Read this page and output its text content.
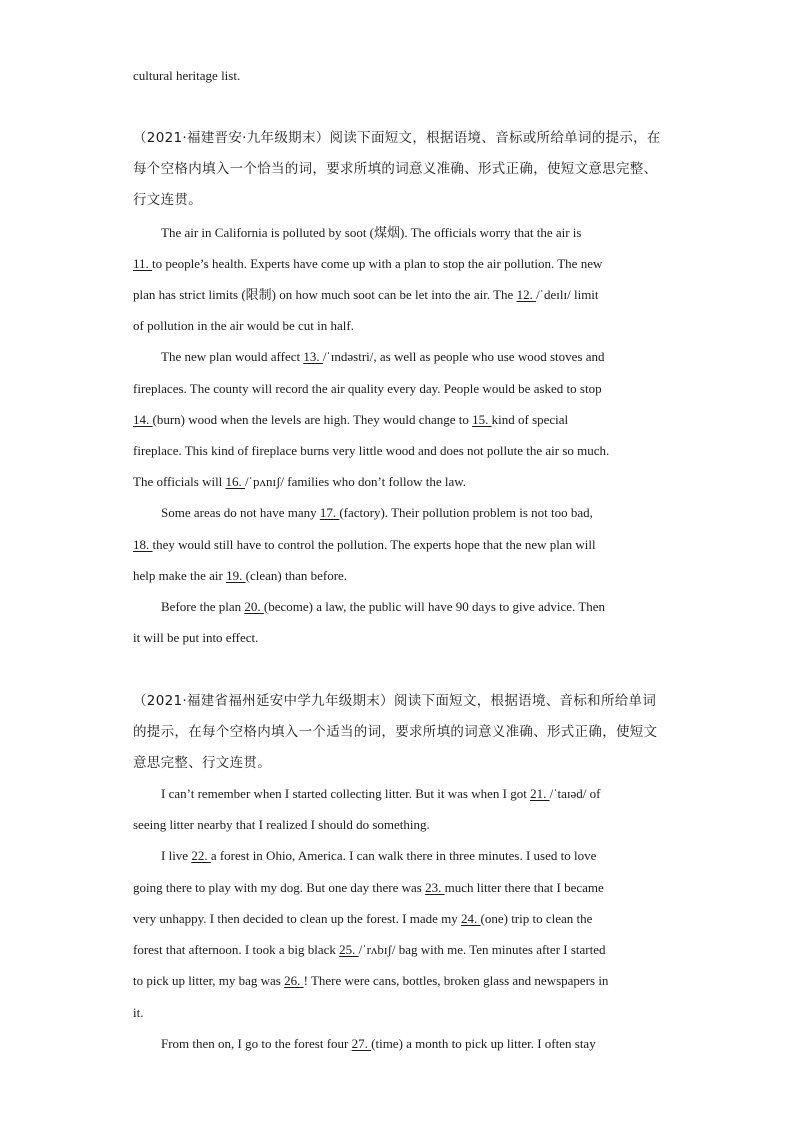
cultural heritage list.
（2021·福建晋安·九年级期末）阅读下面短文，根据语境、音标或所给单词的提示，在
每个空格内填入一个恰当的词，要求所填的词意义准确、形式正确，使短文意思完整、
行文连贯。
The air in California is polluted by soot (煤烟). The officials worry that the air is
11. to people’s health. Experts have come up with a plan to stop the air pollution. The new
plan has strict limits (限制) on how much soot can be let into the air. The 12. /ˈdeɪlɪ/ limit
of pollution in the air would be cut in half.
The new plan would affect 13. /ˈɪndəstri/, as well as people who use wood stoves and
fireplaces. The county will record the air quality every day. People would be asked to stop
14. (burn) wood when the levels are high. They would change to 15. kind of special
fireplace. This kind of fireplace burns very little wood and does not pollute the air so much.
The officials will 16. /ˈpʌnɪʃ/ families who don’t follow the law.
Some areas do not have many 17. (factory). Their pollution problem is not too bad,
18. they would still have to control the pollution. The experts hope that the new plan will
help make the air 19. (clean) than before.
Before the plan 20. (become) a law, the public will have 90 days to give advice. Then
it will be put into effect.
（2021·福建省福州延安中学九年级期末）阅读下面短文，根据语境、音标和所给单词
的提示，在每个空格内填入一个适当的词，要求所填的词意义准确、形式正确，使短文
意思完整、行文连贯。
I can’t remember when I started collecting litter. But it was when I got 21. /ˈtaɪəd/ of
seeing litter nearby that I realized I should do something.
I live 22. a forest in Ohio, America. I can walk there in three minutes. I used to love
going there to play with my dog. But one day there was 23. much litter there that I became
very unhappy. I then decided to clean up the forest. I made my 24. (one) trip to clean the
forest that afternoon. I took a big black 25. /ˈrʌbɪʃ/ bag with me. Ten minutes after I started
to pick up litter, my bag was 26. ! There were cans, bottles, broken glass and newspapers in
it.
From then on, I go to the forest four 27. (time) a month to pick up litter. I often stay
